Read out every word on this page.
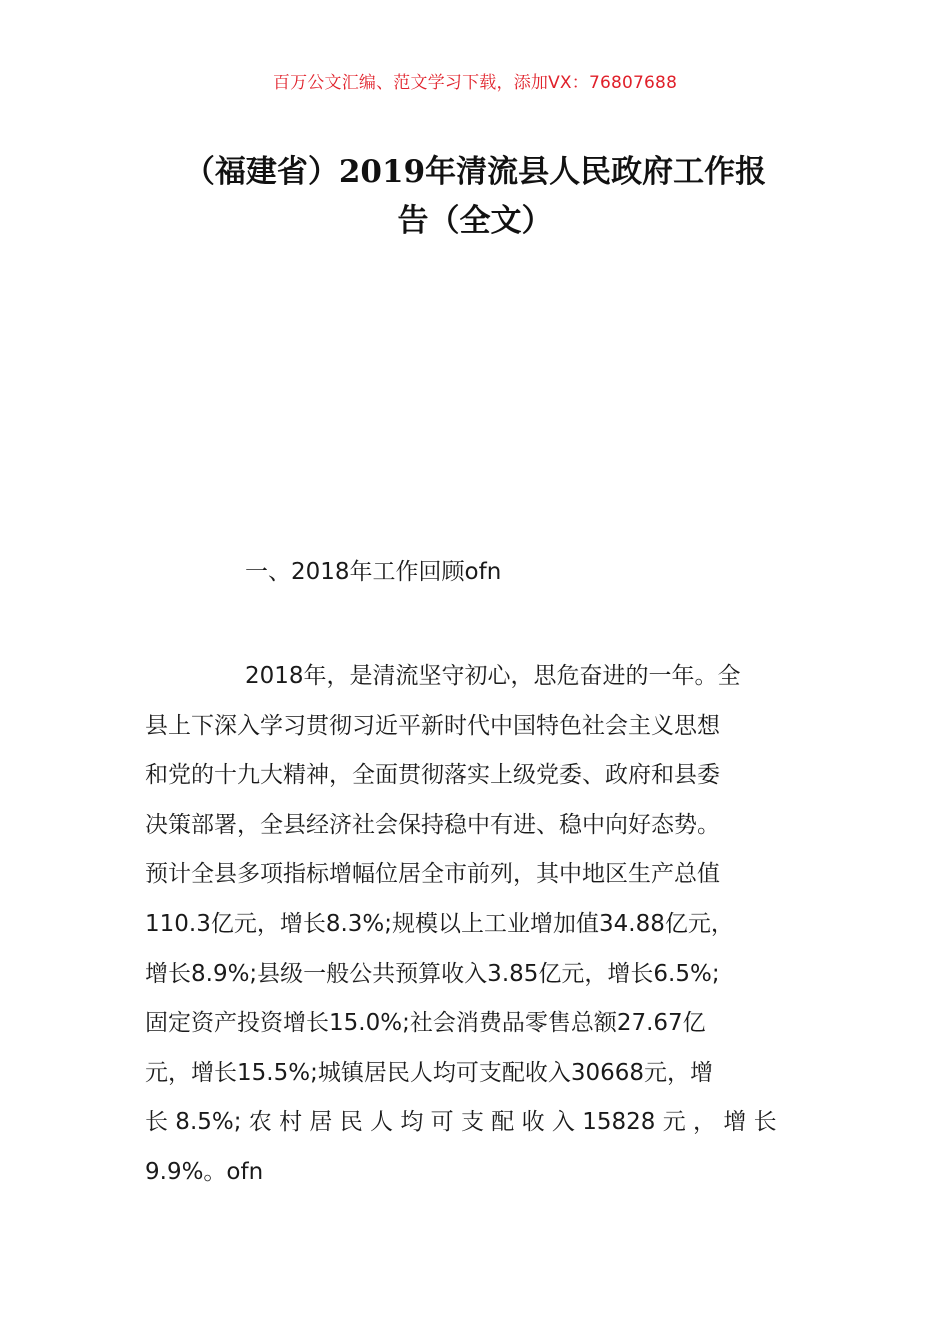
百万公文汇编、范文学习下载，添加VX：76807688
（福建省）2019年清流县人民政府工作报
告（全文）
一、2018年工作回顾ofn
2018年，是清流坚守初心，思危奋进的一年。全
县上下深入学习贯彻习近平新时代中国特色社会主义思想
和党的十九大精神，全面贯彻落实上级党委、政府和县委
决策部署，全县经济社会保持稳中有进、稳中向好态势。
预计全县多项指标增幅位居全市前列，其中地区生产总值
110.3亿元，增长8.3%;规模以上工业增加值34.88亿元，
增长8.9%;县级一般公共预算收入3.85亿元，增长6.5%;
固定资产投资增长15.0%;社会消费品零售总额27.67亿
元，增长15.5%;城镇居民人均可支配收入30668元，增
长 8.5%; 农 村 居 民 人 均 可 支 配 收 入 15828 元 ， 增 长
9.9%。ofn
